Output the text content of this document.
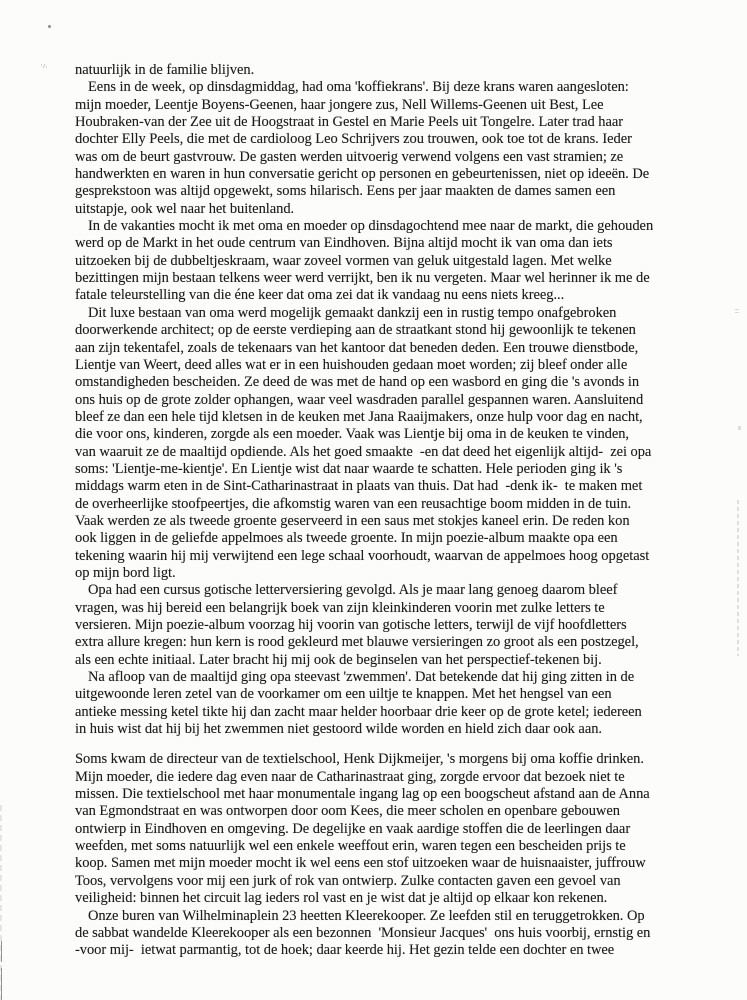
natuurlijk in de familie blijven.
Eens in de week, op dinsdagmiddag, had oma 'koffiekrans'. Bij deze krans waren aangesloten:
mijn moeder, Leentje Boyens-Geenen, haar jongere zus, Nell Willems-Geenen uit Best, Lee
Houbraken-van der Zee uit de Hoogstraat in Gestel en Marie Peels uit Tongelre. Later trad haar
dochter Elly Peels, die met de cardioloog Leo Schrijvers zou trouwen, ook toe tot de krans. Ieder
was om de beurt gastvrouw. De gasten werden uitvoerig verwend volgens een vast stramien; ze
handwerkten en waren in hun conversatie gericht op personen en gebeurtenissen, niet op ideeën. De
gesprekstoon was altijd opgewekt, soms hilarisch. Eens per jaar maakten de dames samen een
uitstapje, ook wel naar het buitenland.
In de vakanties mocht ik met oma en moeder op dinsdagochtend mee naar de markt, die gehouden
werd op de Markt in het oude centrum van Eindhoven. Bijna altijd mocht ik van oma dan iets
uitzoeken bij de dubbeltjeskraam, waar zoveel vormen van geluk uitgestald lagen. Met welke
bezittingen mijn bestaan telkens weer werd verrijkt, ben ik nu vergeten. Maar wel herinner ik me de
fatale teleurstelling van die éne keer dat oma zei dat ik vandaag nu eens niets kreeg...
Dit luxe bestaan van oma werd mogelijk gemaakt dankzij een in rustig tempo onafgebroken
doorwerkende architect; op de eerste verdieping aan de straatkant stond hij gewoonlijk te tekenen
aan zijn tekentafel, zoals de tekenaars van het kantoor dat beneden deden. Een trouwe dienstbode,
Lientje van Weert, deed alles wat er in een huishouden gedaan moet worden; zij bleef onder alle
omstandigheden bescheiden. Ze deed de was met de hand op een wasbord en ging die 's avonds in
ons huis op de grote zolder ophangen, waar veel wasdraden parallel gespannen waren. Aansluitend
bleef ze dan een hele tijd kletsen in de keuken met Jana Raaijmakers, onze hulp voor dag en nacht,
die voor ons, kinderen, zorgde als een moeder. Vaak was Lientje bij oma in de keuken te vinden,
van waaruit ze de maaltijd opdiende. Als het goed smaakte  -en dat deed het eigenlijk altijd-  zei opa
soms: 'Lientje-me-kientje'. En Lientje wist dat naar waarde te schatten. Hele perioden ging ik 's
middags warm eten in de Sint-Catharinastraat in plaats van thuis. Dat had  -denk ik-  te maken met
de overheerlijke stoofpeertjes, die afkomstig waren van een reusachtige boom midden in de tuin.
Vaak werden ze als tweede groente geserveerd in een saus met stokjes kaneel erin. De reden kon
ook liggen in de geliefde appelmoes als tweede groente. In mijn poezie-album maakte opa een
tekening waarin hij mij verwijtend een lege schaal voorhoudt, waarvan de appelmoes hoog opgetast
op mijn bord ligt.
Opa had een cursus gotische letterversiering gevolgd. Als je maar lang genoeg daarom bleef
vragen, was hij bereid een belangrijk boek van zijn kleinkinderen voorin met zulke letters te
versieren. Mijn poezie-album voorzag hij voorin van gotische letters, terwijl de vijf hoofdletters
extra allure kregen: hun kern is rood gekleurd met blauwe versieringen zo groot als een postzegel,
als een echte initiaal. Later bracht hij mij ook de beginselen van het perspectief-tekenen bij.
Na afloop van de maaltijd ging opa steevast 'zwemmen'. Dat betekende dat hij ging zitten in de
uitgewoonde leren zetel van de voorkamer om een uiltje te knappen. Met het hengsel van een
antieke messing ketel tikte hij dan zacht maar helder hoorbaar drie keer op de grote ketel; iedereen
in huis wist dat hij bij het zwemmen niet gestoord wilde worden en hield zich daar ook aan.
Soms kwam de directeur van de textielschool, Henk Dijkmeijer, 's morgens bij oma koffie drinken.
Mijn moeder, die iedere dag even naar de Catharinastraat ging, zorgde ervoor dat bezoek niet te
missen. Die textielschool met haar monumentale ingang lag op een boogscheut afstand aan de Anna
van Egmondstraat en was ontworpen door oom Kees, die meer scholen en openbare gebouwen
ontwierp in Eindhoven en omgeving. De degelijke en vaak aardige stoffen die de leerlingen daar
weefden, met soms natuurlijk wel een enkele weeffout erin, waren tegen een bescheiden prijs te
koop. Samen met mijn moeder mocht ik wel eens een stof uitzoeken waar de huisnaaister, juffrouw
Toos, vervolgens voor mij een jurk of rok van ontwierp. Zulke contacten gaven een gevoel van
veiligheid: binnen het circuit lag ieders rol vast en je wist dat je altijd op elkaar kon rekenen.
Onze buren van Wilhelminaplein 23 heetten Kleerekooper. Ze leefden stil en teruggetrokken. Op
de sabbat wandelde Kleerekooper als een bezonnen  'Monsieur Jacques'  ons huis voorbij, ernstig en
-voor mij-  ietwat parmantig, tot de hoek; daar keerde hij. Het gezin telde een dochter en twee
